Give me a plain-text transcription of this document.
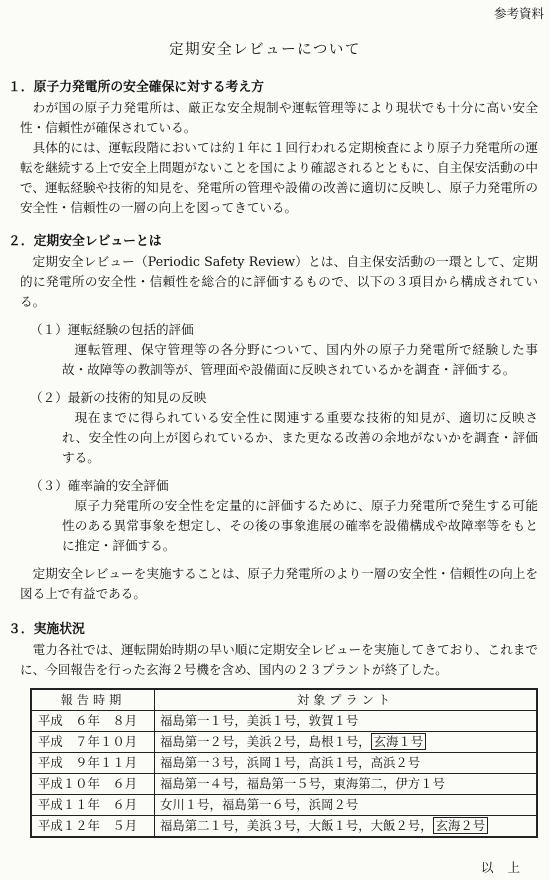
参考資料
定期安全レビューについて

１．原子力発電所の安全確保に対する考え方

わが国の原子力発電所は、厳正な安全規制や運転管理等により現状でも十分に高い安全性・信頼性が確保されている。

具体的には、運転段階においては約１年に１回行われる定期検査により原子力発電所の運転を継続する上で安全上問題がないことを国により確認されるとともに、自主保安活動の中で、運転経験や技術的知見を、発電所の管理や設備の改善に適切に反映し、原子力発電所の安全性・信頼性の一層の向上を図ってきている。

２．定期安全レビューとは

定期安全レビュー（Periodic Safety Review）とは、自主保安活動の一環として、定期的に発電所の安全性・信頼性を総合的に評価するもので、以下の３項目から構成されている。

（１）運転経験の包括的評価

運転管理、保守管理等の各分野について、国内外の原子力発電所で経験した事故・故障等の教訓等が、管理面や設備面に反映されているかを調査・評価する。

（２）最新の技術的知見の反映

現在までに得られている安全性に関連する重要な技術的知見が、適切に反映され、安全性の向上が図られているか、また更なる改善の余地がないかを調査・評価する。

（３）確率論的安全評価

原子力発電所の安全性を定量的に評価するために、原子力発電所で発生する可能性のある異常事象を想定し、その後の事象進展の確率を設備構成や故障率等をもとに推定・評価する。

定期安全レビューを実施することは、原子力発電所のより一層の安全性・信頼性の向上を図る上で有益である。

３．実施状況

電力各社では、運転開始時期の早い順に定期安全レビューを実施してきており、これまでに、今回報告を行った玄海２号機を含め、国内の２３プラントが終了した。

報告時期	対象プラント
平成　６年　８月	福島第一１号，美浜１号，敦賀１号
平成　７年１０月	福島第一２号，美浜２号，島根１号， 玄海１号
平成　９年１１月	福島第一３号，浜岡１号，高浜１号，高浜２号
平成１０年　６月	福島第一４号，福島第一５号，東海第二，伊方１号
平成１１年　６月	女川１号，福島第一６号，浜岡２号
平成１２年　５月	福島第二１号，美浜３号，大飯１号，大飯２号， 玄海２号
以上
